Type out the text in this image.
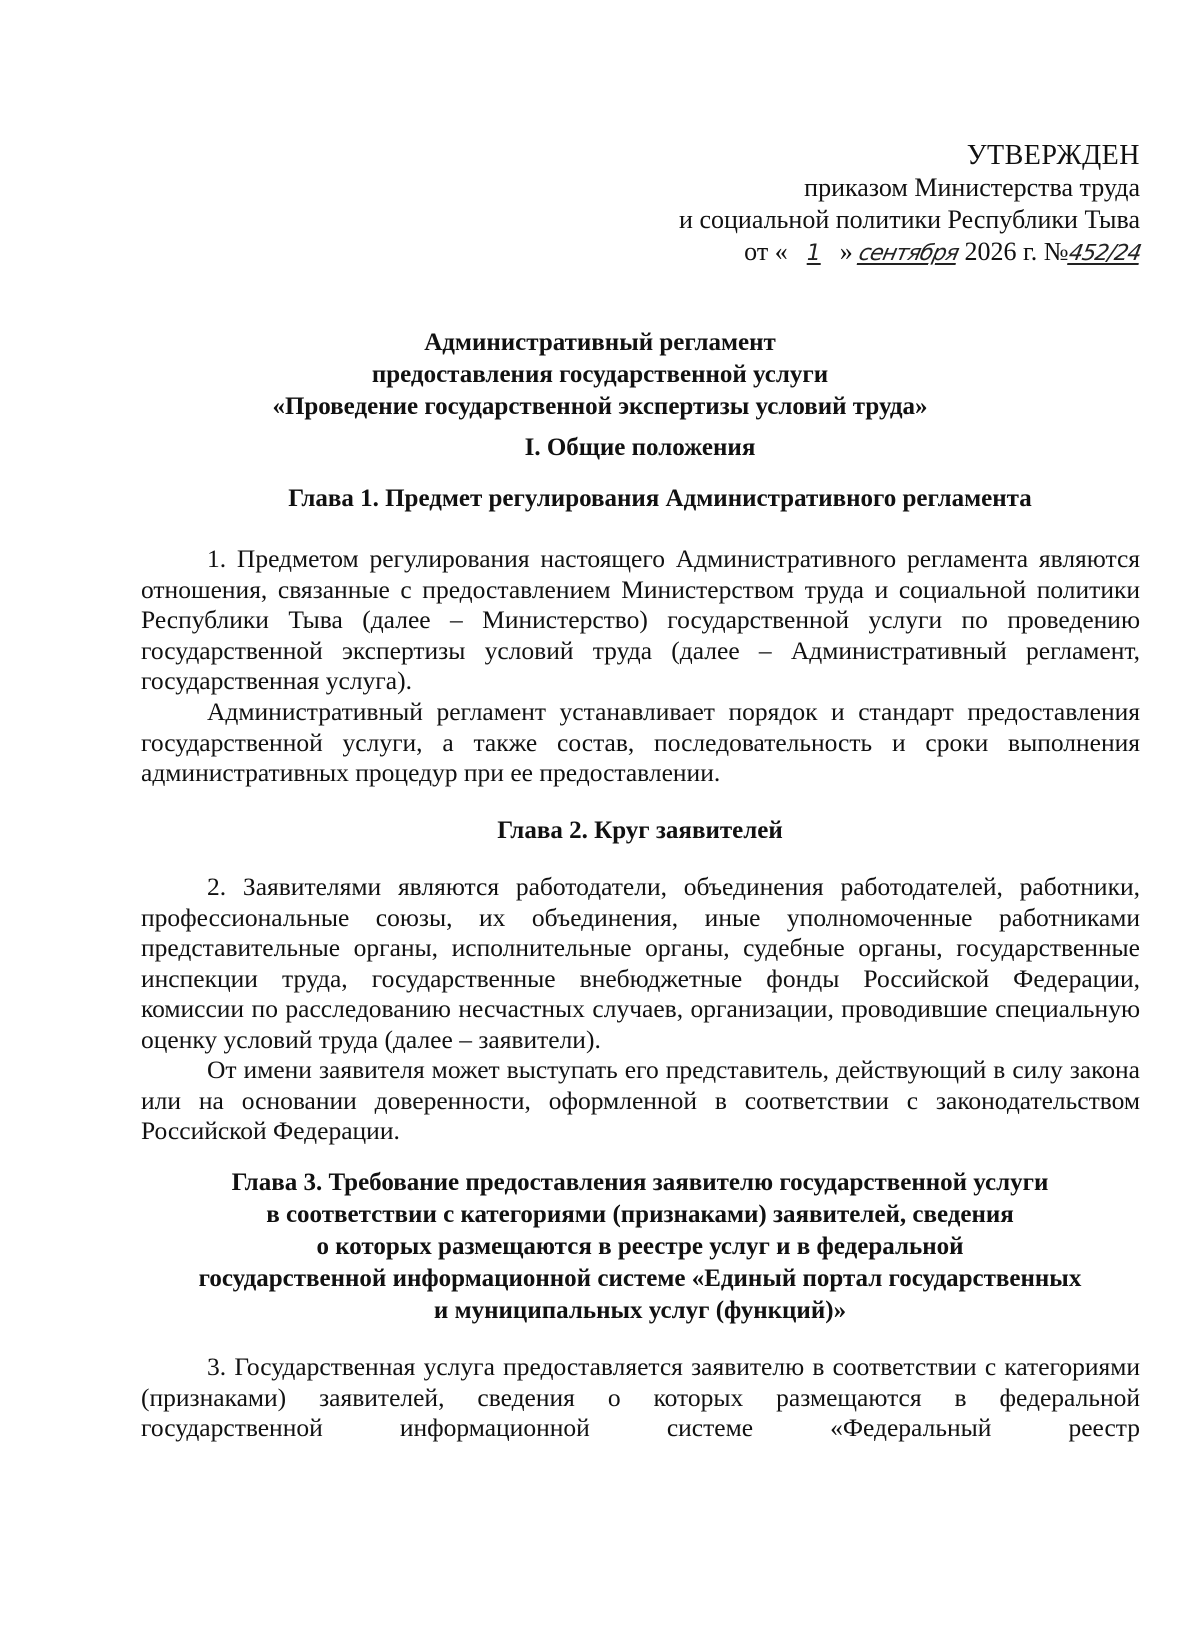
УТВЕРЖДЕН
приказом Министерства труда
и социальной политики Республики Тыва
от « 1 » сентября 2026 г. №452/24
Административный регламент
предоставления государственной услуги
«Проведение государственной экспертизы условий труда»
I. Общие положения
Глава 1. Предмет регулирования Административного регламента
1. Предметом регулирования настоящего Административного регламента являются отношения, связанные с предоставлением Министерством труда и социальной политики Республики Тыва (далее – Министерство) государственной услуги по проведению государственной экспертизы условий труда (далее – Административный регламент, государственная услуга).
Административный регламент устанавливает порядок и стандарт предоставления государственной услуги, а также состав, последовательность и сроки выполнения административных процедур при ее предоставлении.
Глава 2. Круг заявителей
2. Заявителями являются работодатели, объединения работодателей, работники, профессиональные союзы, их объединения, иные уполномоченные работниками представительные органы, исполнительные органы, судебные органы, государственные инспекции труда, государственные внебюджетные фонды Российской Федерации, комиссии по расследованию несчастных случаев, организации, проводившие специальную оценку условий труда (далее – заявители).
От имени заявителя может выступать его представитель, действующий в силу закона или на основании доверенности, оформленной в соответствии с законодательством Российской Федерации.
Глава 3. Требование предоставления заявителю государственной услуги
в соответствии с категориями (признаками) заявителей, сведения
о которых размещаются в реестре услуг и в федеральной
государственной информационной системе «Единый портал государственных
и муниципальных услуг (функций)»
3. Государственная услуга предоставляется заявителю в соответствии с категориями (признаками) заявителей, сведения о которых размещаются в федеральной государственной информационной системе «Федеральный реестр
